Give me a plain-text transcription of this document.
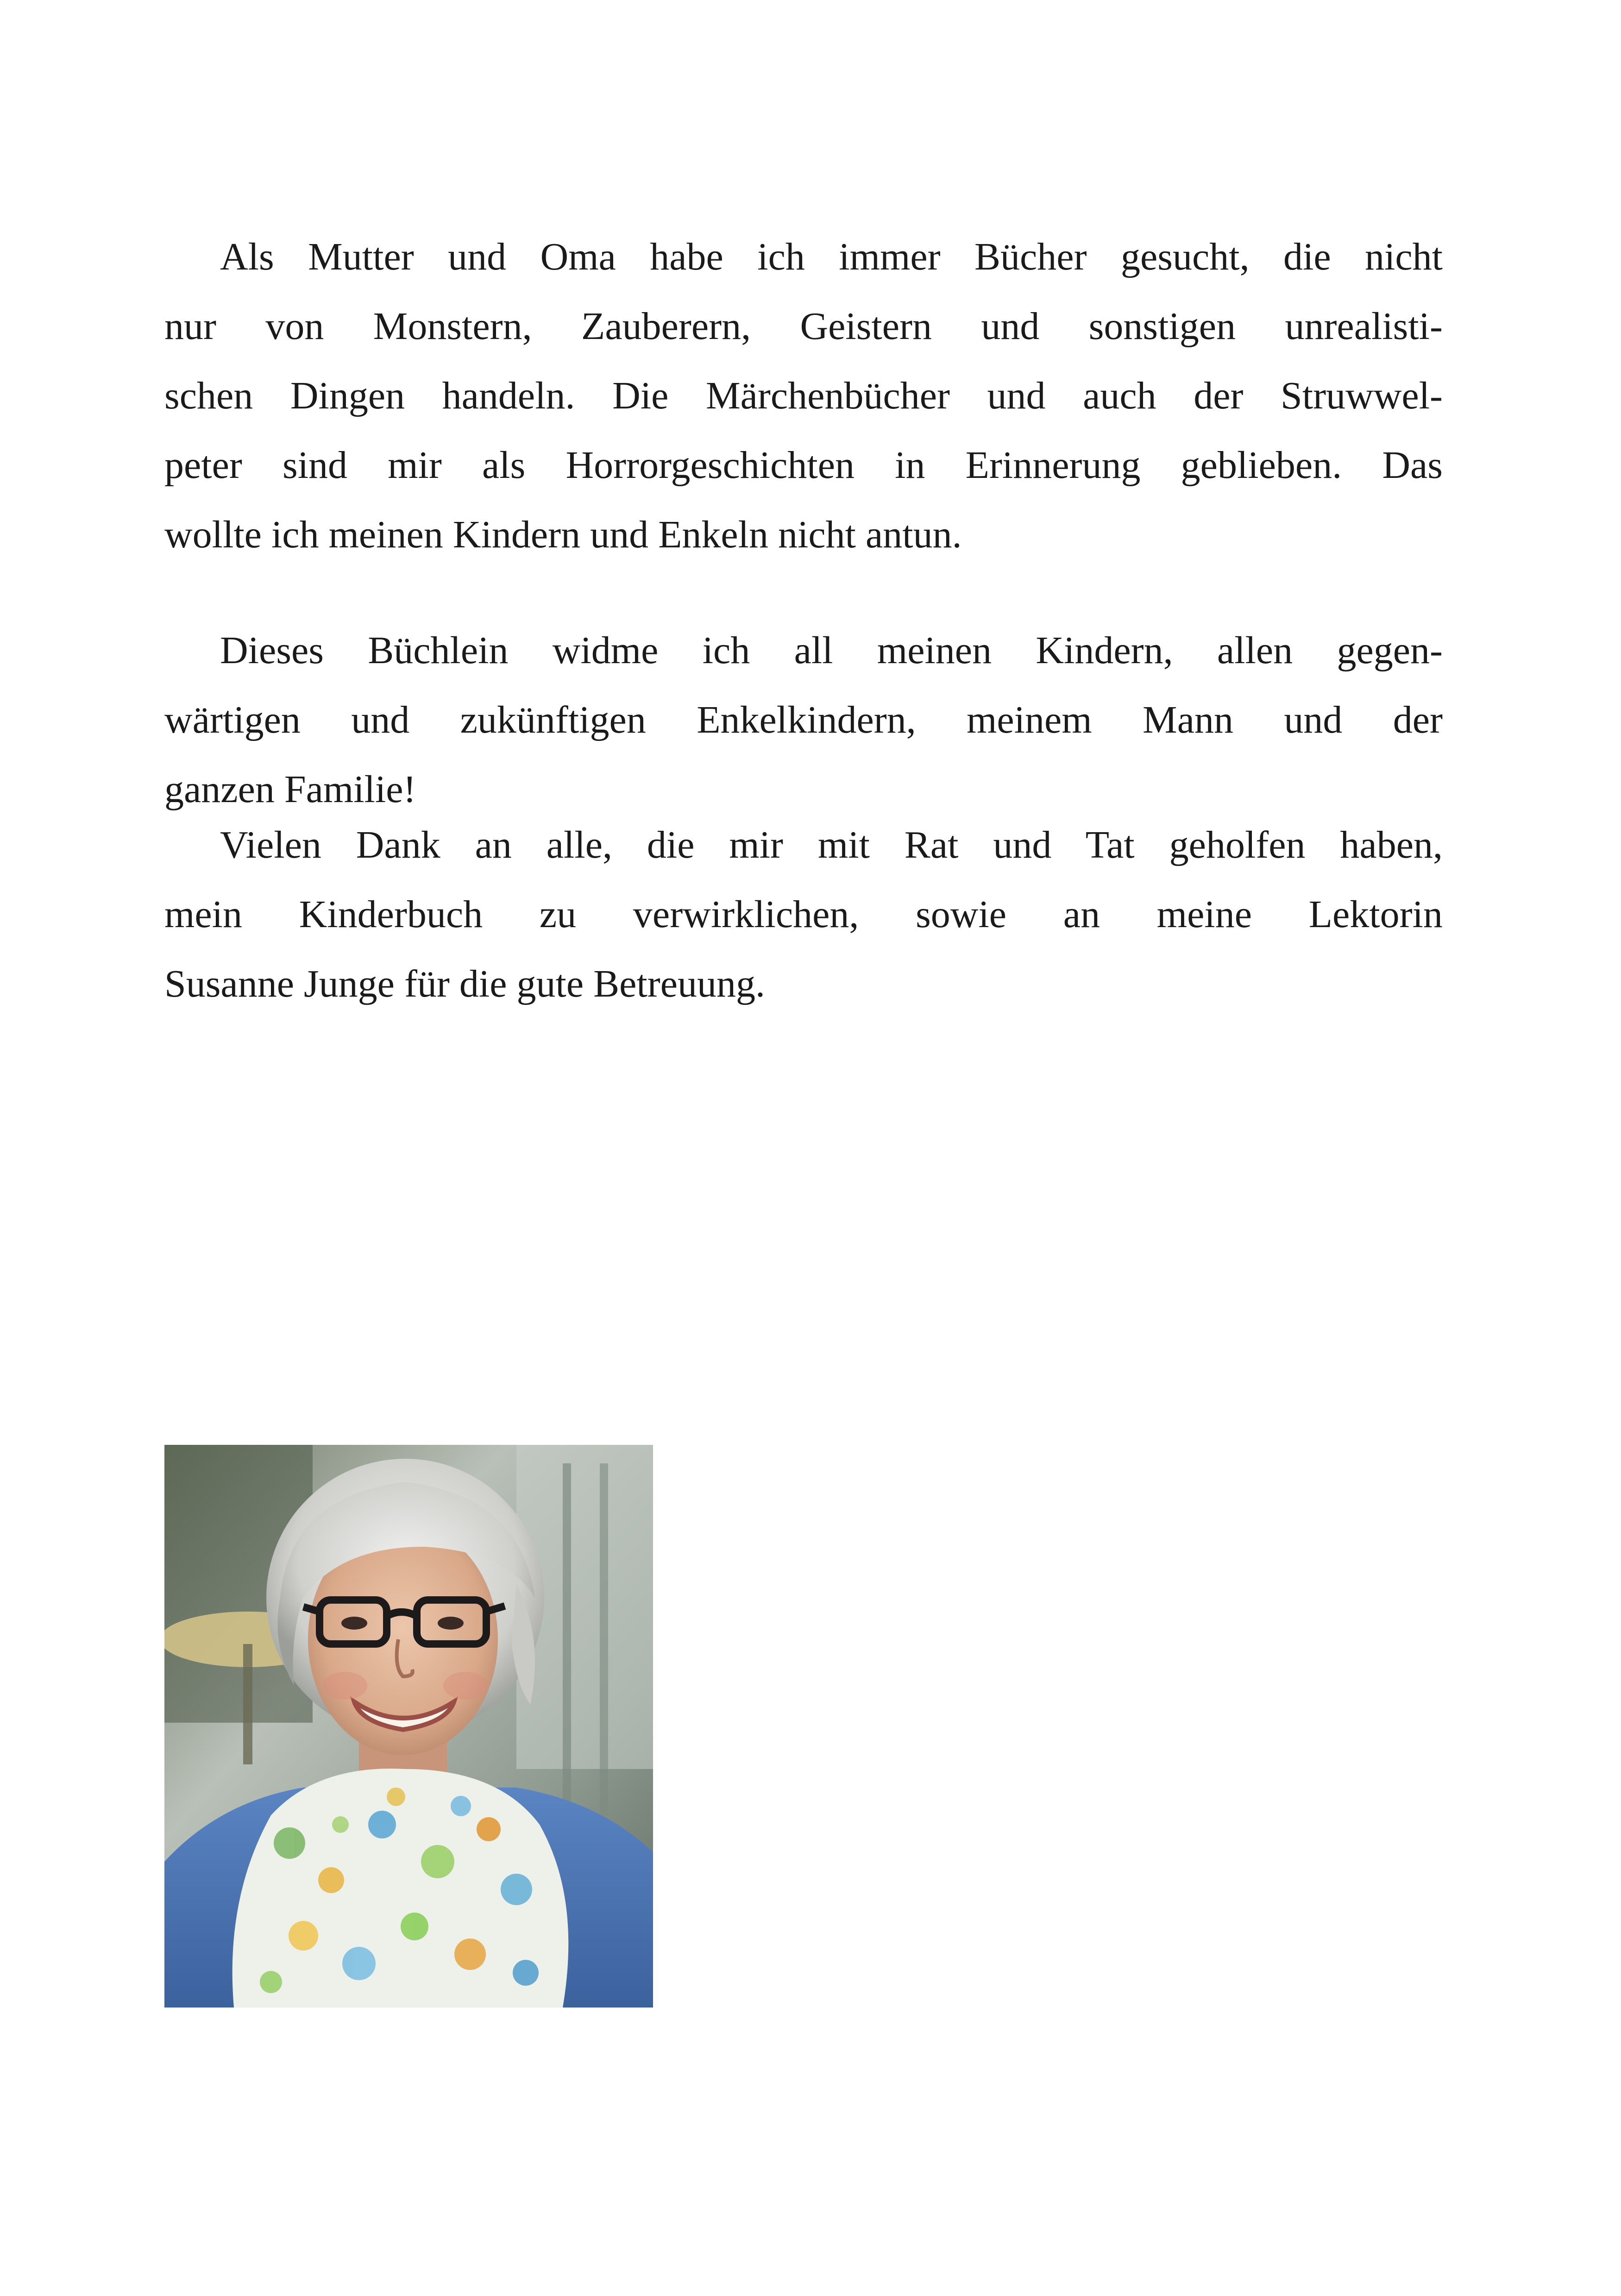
Als Mutter und Oma habe ich immer Bücher gesucht, die nicht
nur von Monstern, Zauberern, Geistern und sonstigen unrealisti-
schen Dingen handeln. Die Märchenbücher und auch der Struwwel-
peter sind mir als Horrorgeschichten in Erinnerung geblieben. Das
wollte ich meinen Kindern und Enkeln nicht antun.

Dieses Büchlein widme ich all meinen Kindern, allen gegen-
wärtigen und zukünftigen Enkelkindern, meinem Mann und der
ganzen Familie!

Vielen Dank an alle, die mir mit Rat und Tat geholfen haben,
mein Kinderbuch zu verwirklichen, sowie an meine Lektorin
Susanne Junge für die gute Betreuung.
